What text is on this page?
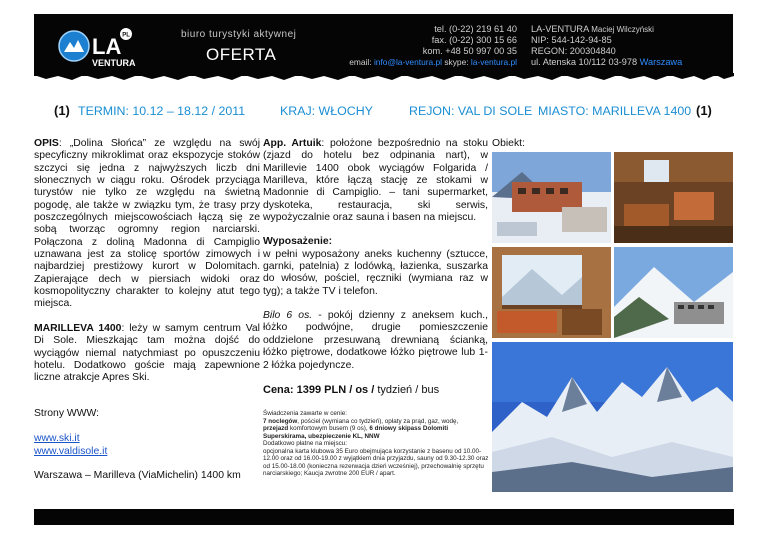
LA
VENTURA
PL	biuro turystyki aktywnej
OFERTA
tel. (0-22) 219 61 40
fax. (0-22) 300 15 66
kom. +48 50 997 00 35
email: info@la-ventura.pl skype: la-ventura.pl
LA-VENTURA Maciej Wilczyński
NIP: 544-142-94-85
REGON: 200304840
ul. Atenska 10/112 03-978 Warszawa
(1) TERMIN: 10.12 – 18.12 / 2011	KRAJ: WŁOCHY	REJON: VAL DI SOLE MIASTO: MARILLEVA 1400 (1)

OPIS: „Dolina Słońca” ze względu na swój specyficzny mikroklimat oraz ekspozycje stoków szczyci się jedna z najwyższych liczb dni słonecznych w ciągu roku. Ośrodek przyciąga turystów nie tylko ze względu na świetną pogodę, ale także w związku tym, że trasy przy poszczególnych miejscowościach łączą się ze sobą tworząc ogromny region narciarski. Połączona z doliną Madonna di Campiglio uznawana jest za stolicę sportów zimowych i najbardziej prestiżowy kurort w Dolomitach. Zapierające dech w piersiach widoki oraz kosmopolityczny charakter to kolejny atut tego miejsca.

MARILLEVA 1400: leży w samym centrum Val Di Sole. Mieszkając tam można dojść do wyciągów niemal natychmiast po opuszczeniu hotelu. Dodatkowo goście mają zapewnione liczne atrakcje Apres Ski.

Strony WWW:
www.ski.it
www.valdisole.it
Warszawa – Marilleva (ViaMichelin) 1400 km

App. Artuik: położone bezpośrednio na stoku (zjazd do hotelu bez odpinania nart), w Marillevie 1400 obok wyciągów Folgarida / Marilleva, które łączą stację ze stokami w Madonnie di Campiglio. – tani supermarket, dyskoteka, restauracja, ski serwis, wypożyczalnie oraz sauna i basen na miejscu.

Wyposażenie:

w pełni wyposażony aneks kuchenny (sztucce, garnki, patelnia) z lodówką, łazienka, suszarka do włosów, pościel, ręczniki (wymiana raz w tyg); a także TV i telefon.

Bilo 6 os. - pokój dzienny z aneksem kuch., łóżko podwójne, drugie pomieszczenie oddzielone przesuwaną drewnianą ścianką, łóżko piętrowe, dodatkowe łóżko piętrowe lub 1-2 łóżka pojedyncze.

Cena: 1399 PLN / os / tydzień / bus
Świadczenia zawarte w cenie:
7 noclegów, pościel (wymiana co tydzień), opłaty za prąd, gaz, wodę,
przejazd komfortowym busem (9 os), 6 dniowy skipass Dolomiti Superskirama, ubezpieczenie KL, NNW
Dodatkowo płatne na miejscu:
opcjonalna karta klubowa 35 Euro obejmująca korzystanie z basenu od 10.00-12.00 oraz od 16.00-19.00 z wyjątkiem dnia przyjazdu, sauny od 9.30-12.30 oraz od 15.00-18.00 (konieczna rezerwacja dzień wcześniej), przechowalnię sprzętu narciarskiego; Kaucja zwrotne 200 EUR / apart.
Obiekt:
